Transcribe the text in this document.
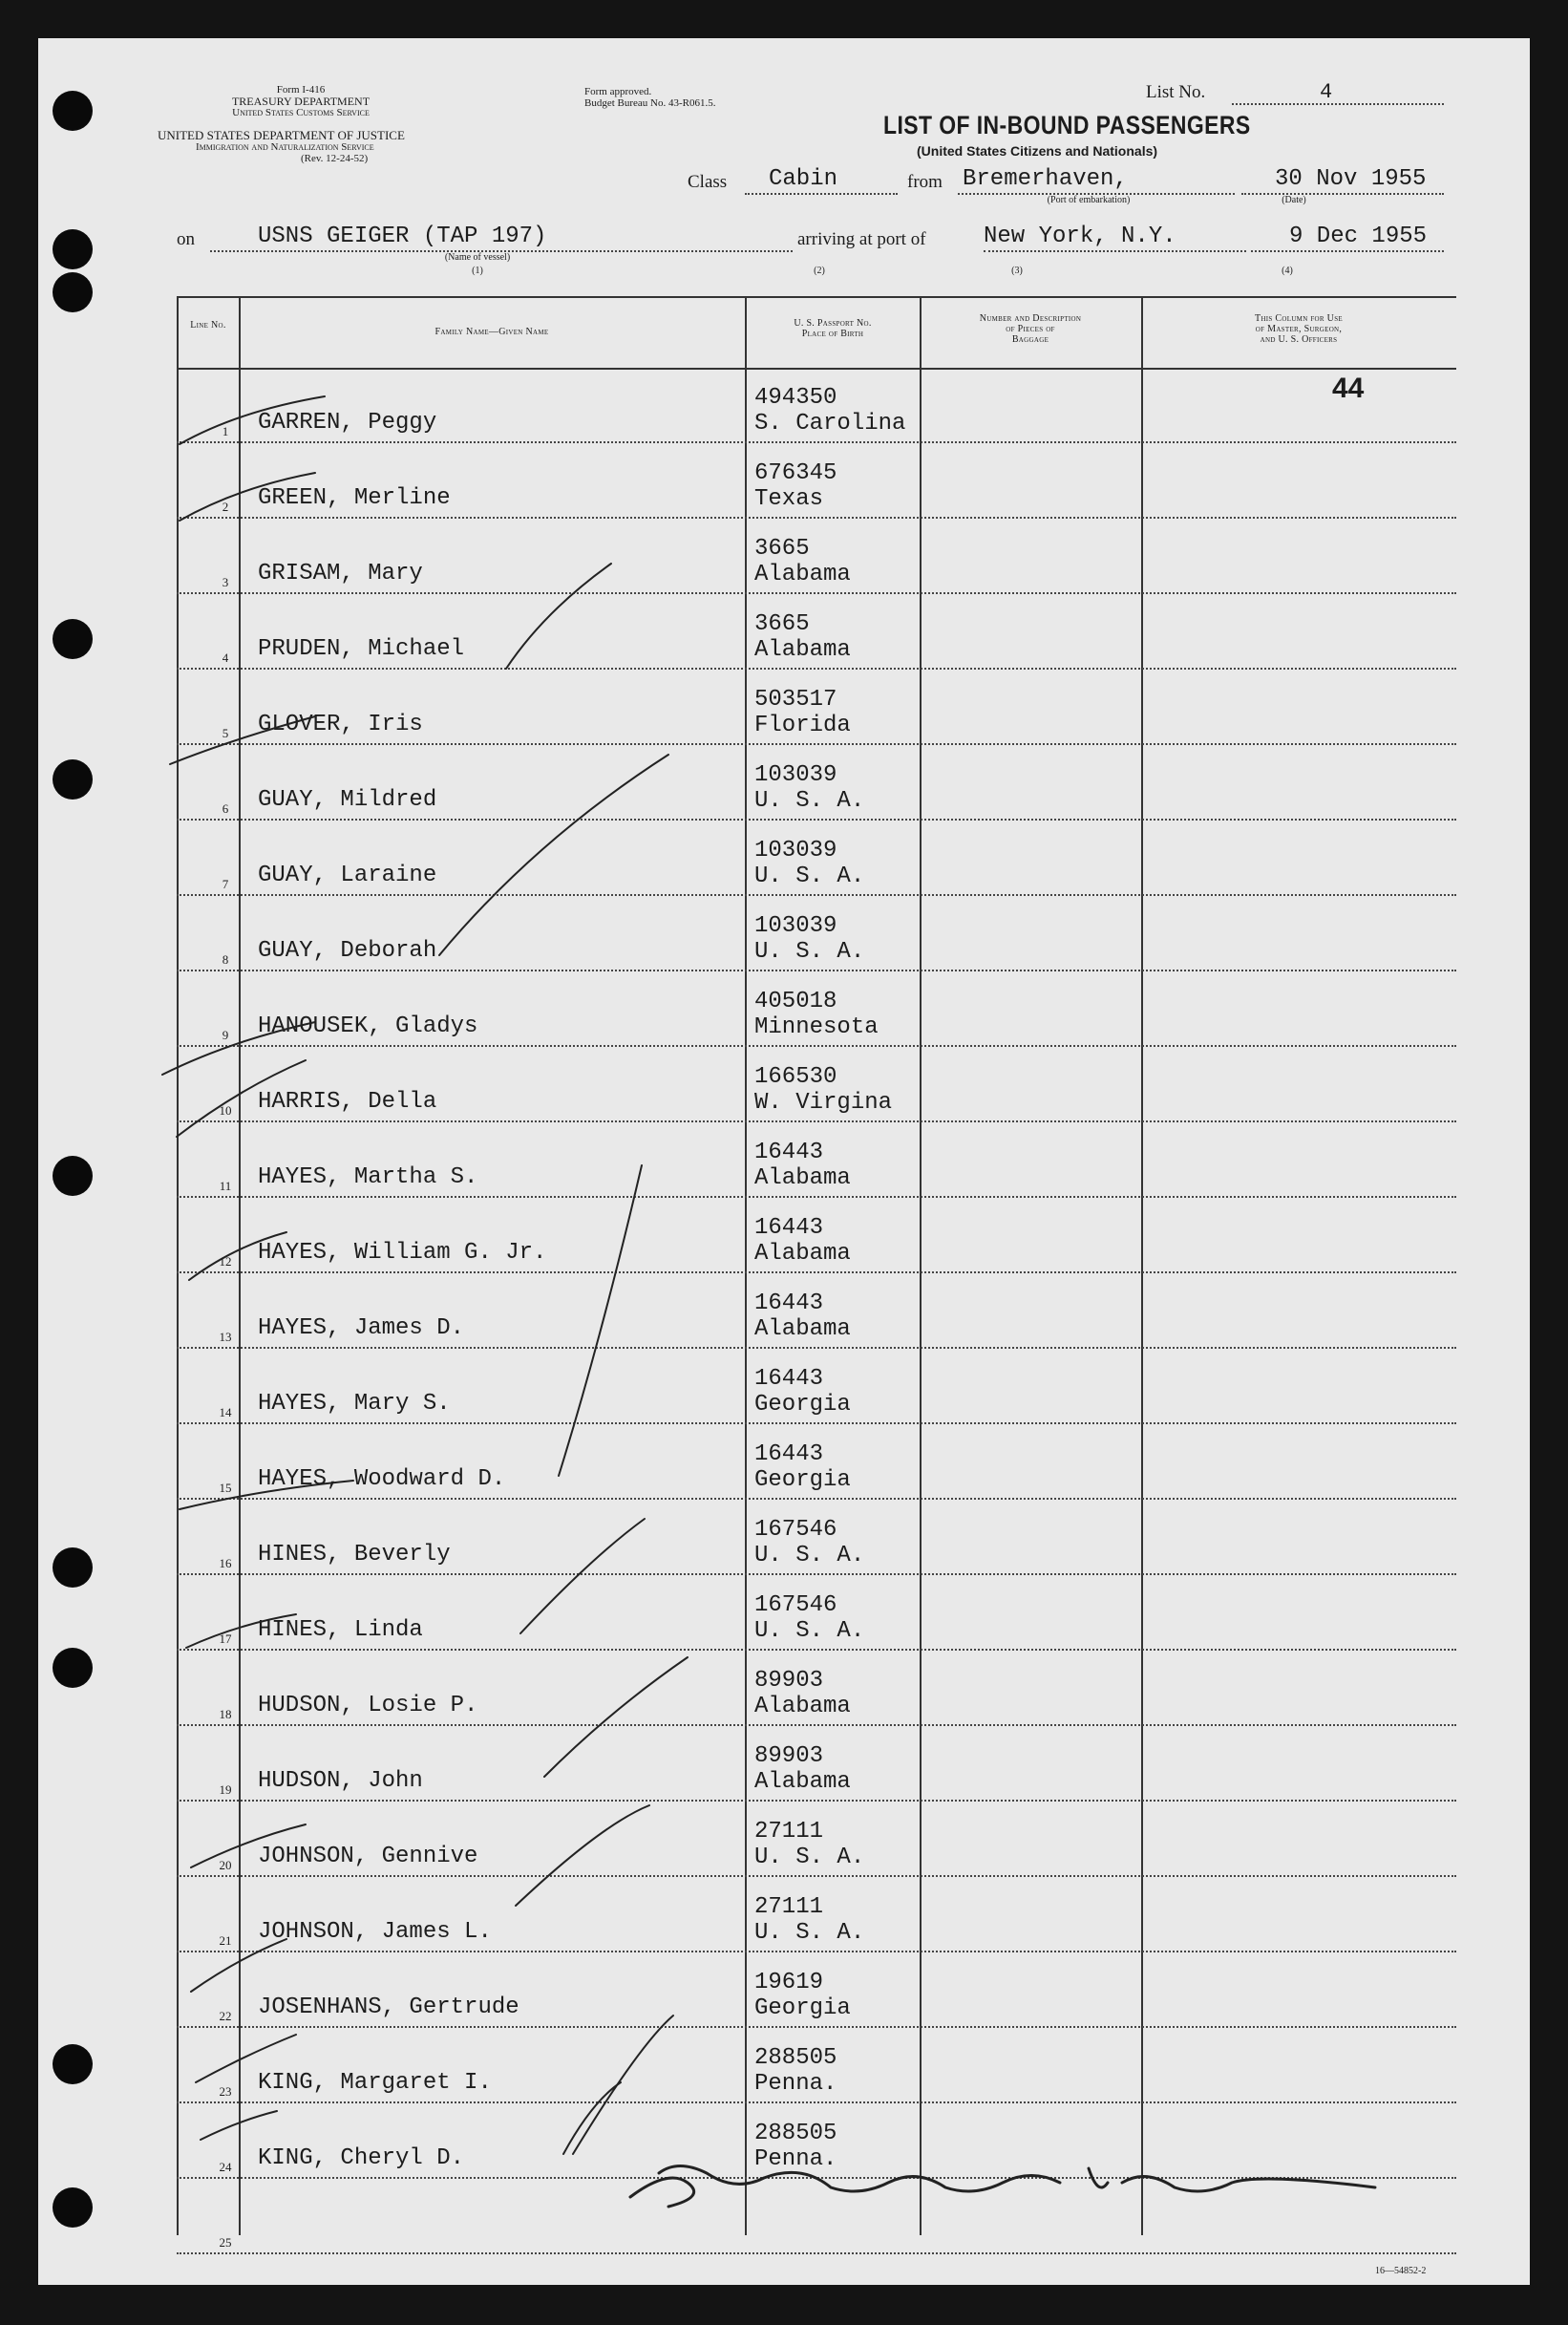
Form I-416
TREASURY DEPARTMENT
United States Customs Service
UNITED STATES DEPARTMENT OF JUSTICE
Immigration and Naturalization Service
(Rev. 12-24-52)
Form approved.
Budget Bureau No. 43-R061.5.
List No.	4
LIST OF IN-BOUND PASSENGERS
(United States Citizens and Nationals)
Class Cabin	from Bremerhaven,
(Port of embarkation)
30 Nov 1955
(Date)
on	USNS GEIGER (TAP 197)
(Name of vessel)
(1)
arriving at port of	New York, N.Y.	9 Dec 1955
(2)	(3)	(4)
Line No.
Family Name—Given Name
U. S. Passport No.
Place of Birth
Number and Description
of Pieces of
Baggage
This Column for Use
of Master, Surgeon,
and U. S. Officers
1	GARREN, Peggy
494350
S. Carolina
44
2	GREEN, Merline
676345
Texas
3	GRISAM, Mary
3665
Alabama
4	PRUDEN, Michael
3665
Alabama
5	GLOVER, Iris
503517
Florida
6	GUAY, Mildred
103039
U. S. A.
7	GUAY, Laraine
103039
U. S. A.
8	GUAY, Deborah
103039
U. S. A.
9	HANOUSEK, Gladys
405018
Minnesota
10	HARRIS, Della
166530
W. Virgina
11	HAYES, Martha S.
16443
Alabama
12	HAYES, William G. Jr.
16443
Alabama
13	HAYES, James D.
16443
Alabama
14	HAYES, Mary S.
16443
Georgia
15	HAYES, Woodward D.
16443
Georgia
16	HINES, Beverly
167546
U. S. A.
17	HINES, Linda
167546
U. S. A.
18	HUDSON, Losie P.
89903
Alabama
19	HUDSON, John
89903
Alabama
20	JOHNSON, Gennive
27111
U. S. A.
21	JOHNSON, James L.
27111
U. S. A.
22	JOSENHANS, Gertrude
19619
Georgia
23	KING, Margaret I.
288505
Penna.
24	KING, Cheryl D.
288505
Penna.
25
16—54852-2
